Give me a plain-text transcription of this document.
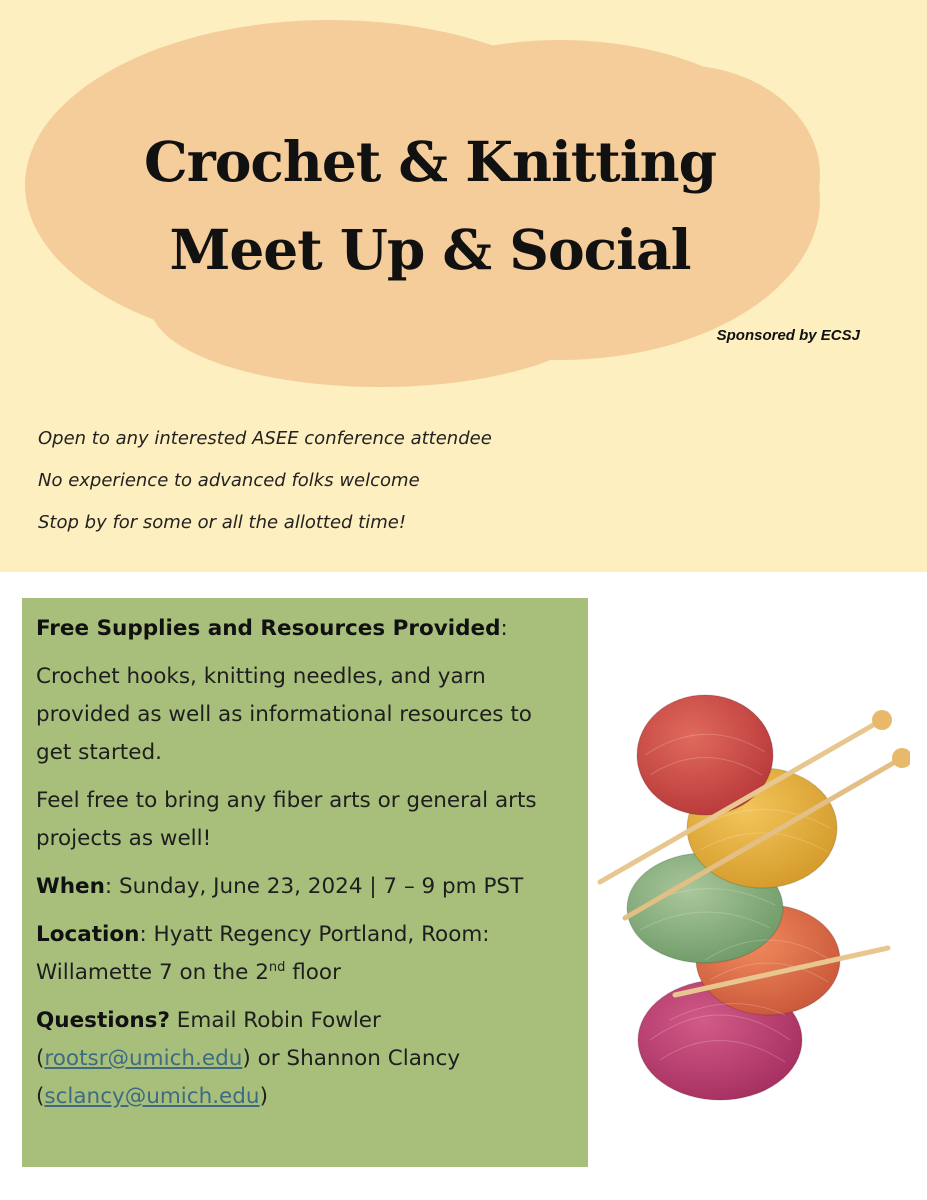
Crochet & Knitting
Meet Up & Social
Sponsored by ECSJ
Open to any interested ASEE conference attendee
No experience to advanced folks welcome
Stop by for some or all the allotted time!

Free Supplies and Resources Provided:

Crochet hooks, knitting needles, and yarn provided as well as informational resources to get started.

Feel free to bring any fiber arts or general arts projects as well!

When: Sunday, June 23, 2024 | 7 – 9 pm PST

Location: Hyatt Regency Portland, Room: Willamette 7 on the 2nd floor

Questions? Email Robin Fowler
(rootsr@umich.edu) or Shannon Clancy
(sclancy@umich.edu)
